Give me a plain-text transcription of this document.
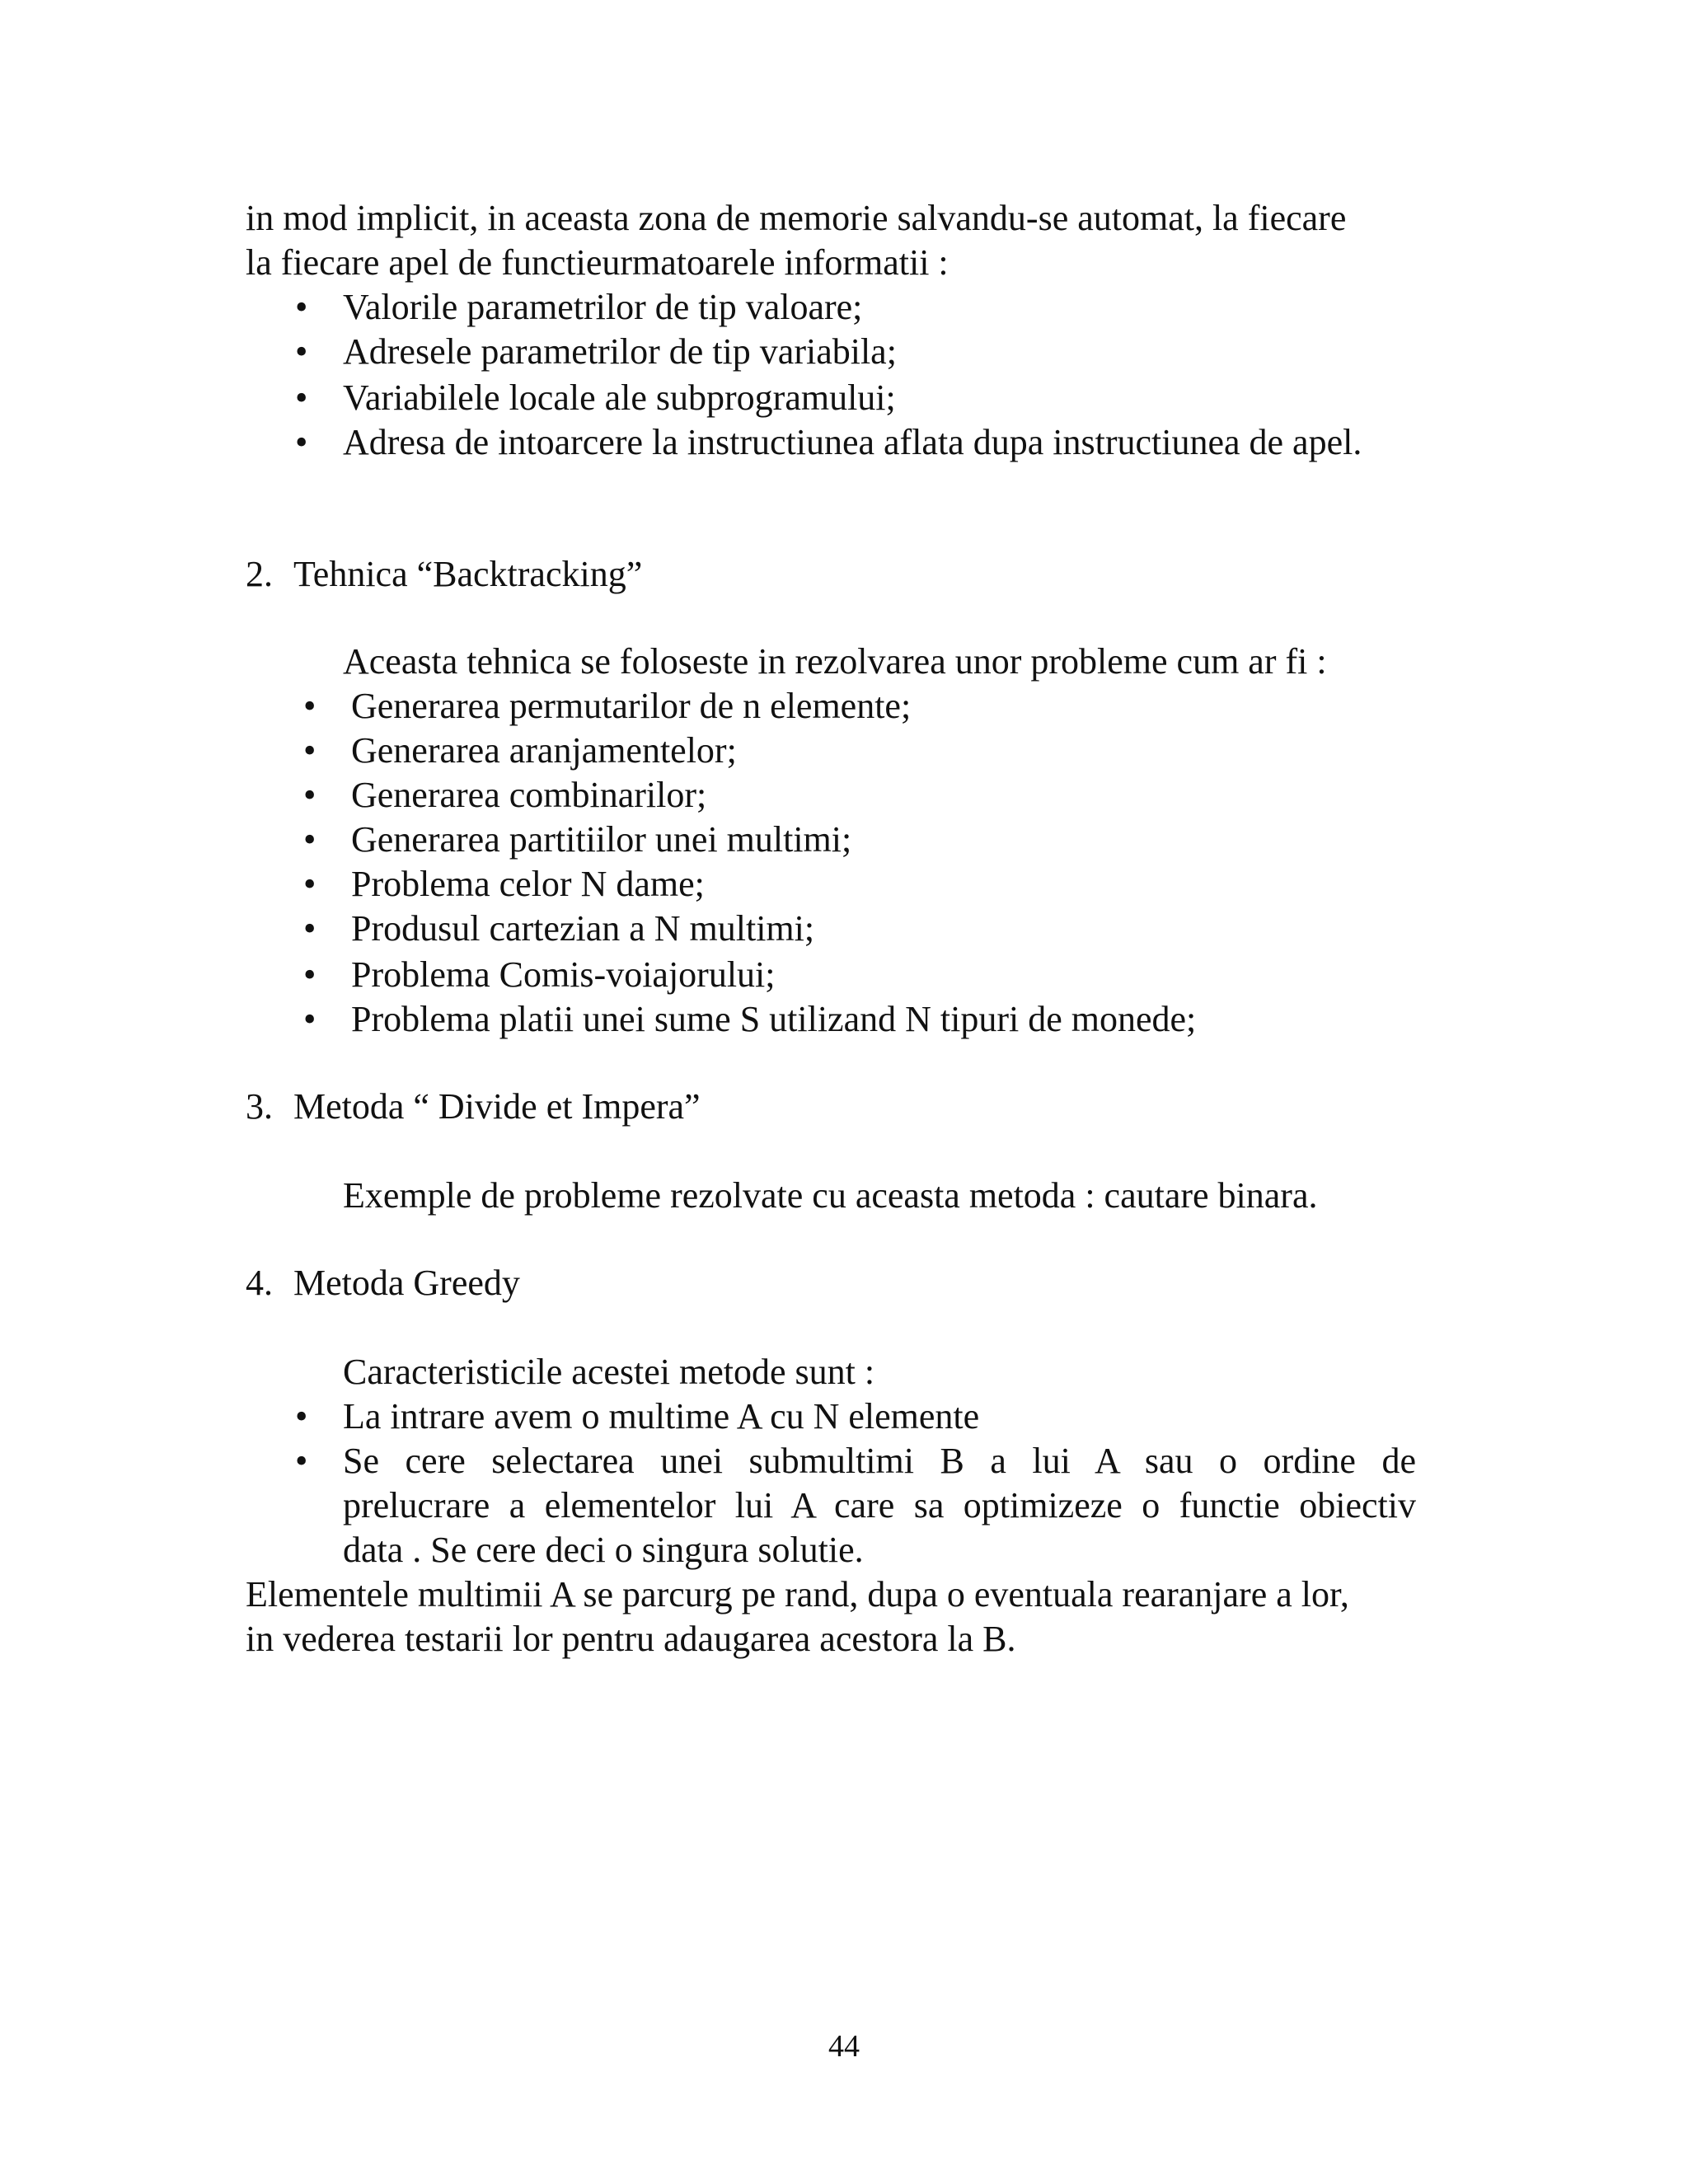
in mod implicit, in aceasta zona de memorie salvandu-se automat, la fiecare
la fiecare apel de functieurmatoarele informatii :
• Valorile parametrilor de tip valoare;
• Adresele parametrilor de tip variabila;
• Variabilele locale ale subprogramului;
• Adresa de intoarcere la instructiunea aflata dupa instructiunea de apel.
2. Tehnica “Backtracking”
Aceasta tehnica se foloseste in rezolvarea unor probleme cum ar fi :
• Generarea permutarilor de n elemente;
• Generarea aranjamentelor;
• Generarea combinarilor;
• Generarea partitiilor unei multimi;
• Problema celor N dame;
• Produsul cartezian a N multimi;
• Problema Comis-voiajorului;
• Problema platii unei sume S utilizand N tipuri de monede;
3. Metoda “ Divide et Impera”
Exemple de probleme rezolvate cu aceasta metoda : cautare binara.
4. Metoda Greedy
Caracteristicile acestei metode sunt :
• La intrare avem o multime A cu N elemente
• Se cere selectarea unei submultimi B a lui A sau o ordine de
prelucrare a elementelor lui A care sa optimizeze o functie obiectiv
data . Se cere deci o singura solutie.
Elementele multimii A se parcurg pe rand, dupa o eventuala rearanjare a lor,
in vederea testarii lor pentru adaugarea acestora la B.
44
